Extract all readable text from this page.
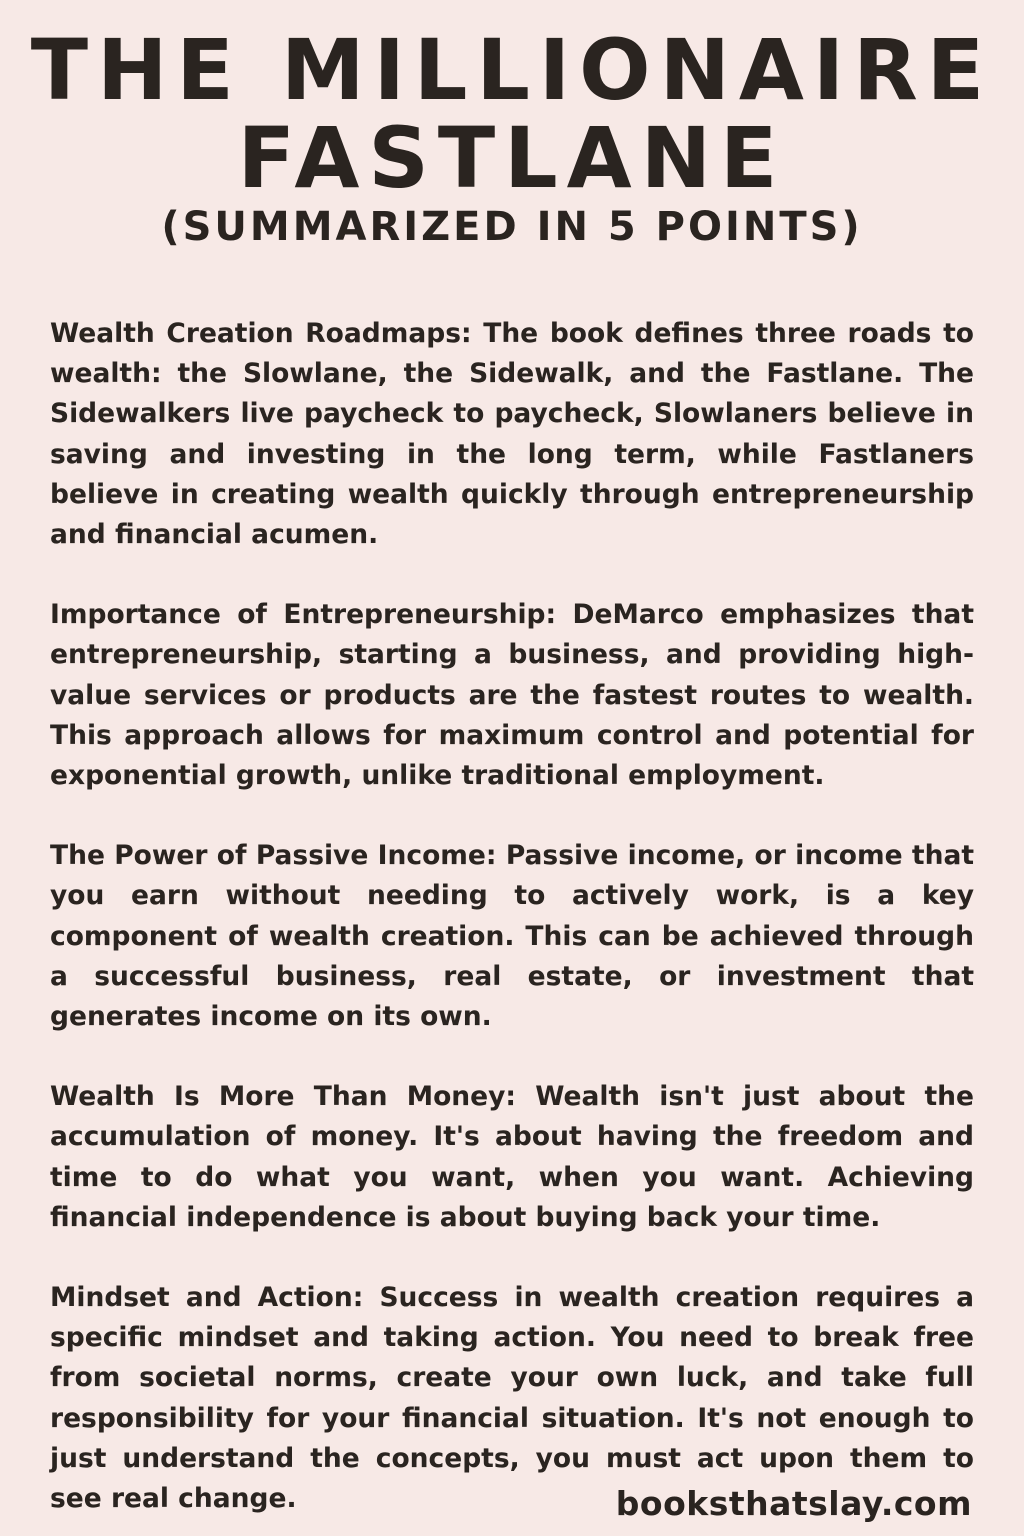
THE MILLIONAIRE
FASTLANE
(SUMMARIZED IN 5 POINTS)

Wealth Creation Roadmaps: The book defines three roads to wealth: the Slowlane, the Sidewalk, and the Fastlane. The Sidewalkers live paycheck to paycheck, Slowlaners believe in saving and investing in the long term, while Fastlaners believe in creating wealth quickly through entrepreneurship and financial acumen.

Importance of Entrepreneurship: DeMarco emphasizes that entrepreneurship, starting a business, and providing high-value services or products are the fastest routes to wealth. This approach allows for maximum control and potential for exponential growth, unlike traditional employment.

The Power of Passive Income: Passive income, or income that you earn without needing to actively work, is a key component of wealth creation. This can be achieved through a successful business, real estate, or investment that generates income on its own.

Wealth Is More Than Money: Wealth isn't just about the accumulation of money. It's about having the freedom and time to do what you want, when you want. Achieving financial independence is about buying back your time.

Mindset and Action: Success in wealth creation requires a specific mindset and taking action. You need to break free from societal norms, create your own luck, and take full responsibility for your financial situation. It's not enough to just understand the concepts, you must act upon them to see real change.	booksthatslay.com
